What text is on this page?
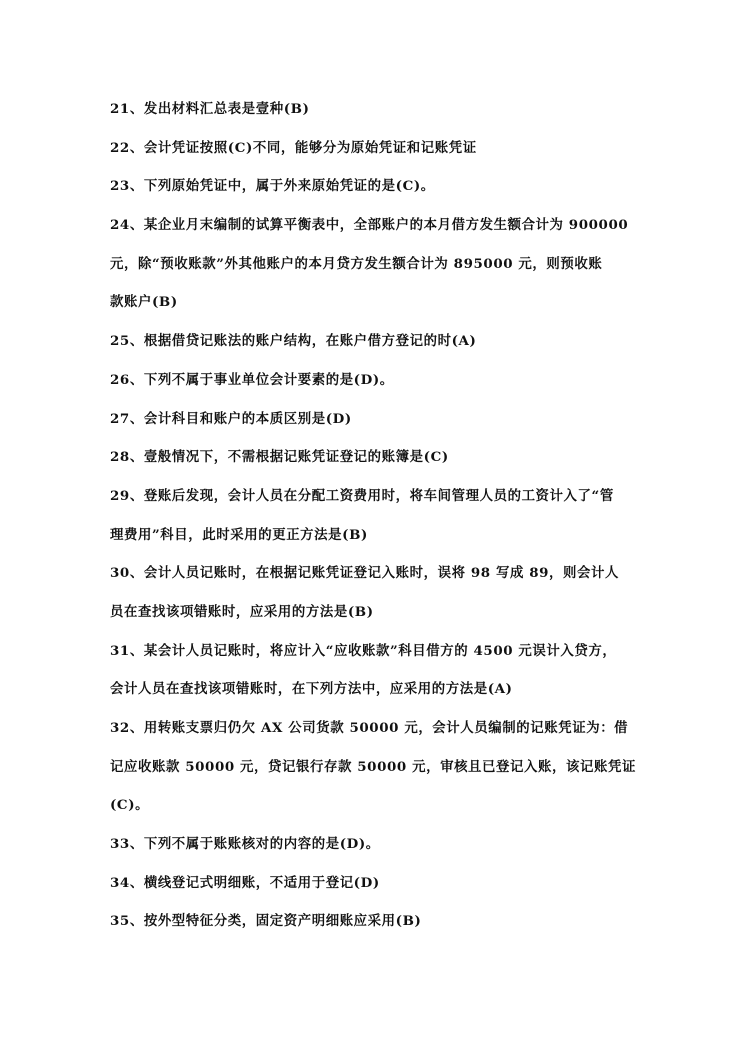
21、发出材料汇总表是壹种(B)
22、会计凭证按照(C)不同，能够分为原始凭证和记账凭证
23、下列原始凭证中，属于外来原始凭证的是(C)。
24、某企业月末编制的试算平衡表中，全部账户的本月借方发生额合计为 900000
元，除“预收账款”外其他账户的本月贷方发生额合计为 895000 元，则预收账
款账户(B)
25、根据借贷记账法的账户结构，在账户借方登记的时(A)
26、下列不属于事业单位会计要素的是(D)。
27、会计科目和账户的本质区别是(D)
28、壹般情况下，不需根据记账凭证登记的账簿是(C)
29、登账后发现，会计人员在分配工资费用时，将车间管理人员的工资计入了“管
理费用”科目，此时采用的更正方法是(B)
30、会计人员记账时，在根据记账凭证登记入账时，误将 98 写成 89，则会计人
员在查找该项错账时，应采用的方法是(B)
31、某会计人员记账时，将应计入“应收账款”科目借方的 4500 元误计入贷方，
会计人员在查找该项错账时，在下列方法中，应采用的方法是(A)
32、用转账支票归仍欠 AX 公司货款 50000 元，会计人员编制的记账凭证为：借
记应收账款 50000 元，贷记银行存款 50000 元，审核且已登记入账，该记账凭证
(C)。
33、下列不属于账账核对的内容的是(D)。
34、横线登记式明细账，不适用于登记(D)
35、按外型特征分类，固定资产明细账应采用(B)
